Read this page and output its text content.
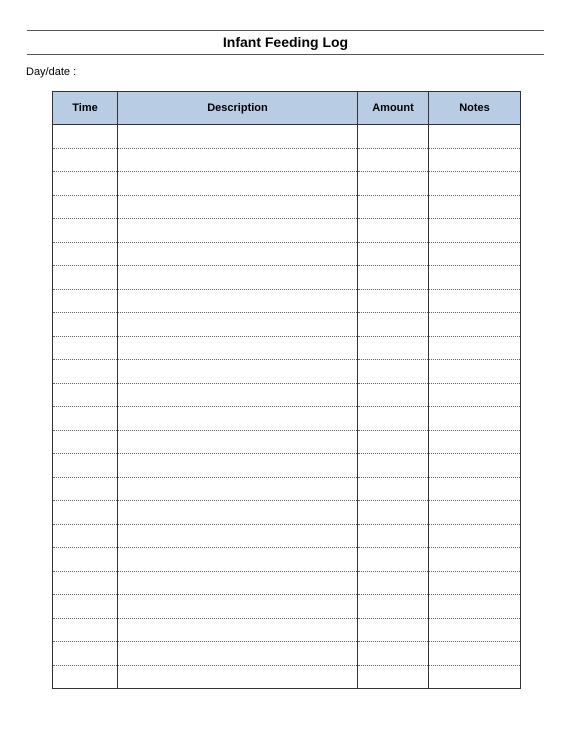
Infant Feeding Log
Day/date :
Time	Description	Amount	Notes
